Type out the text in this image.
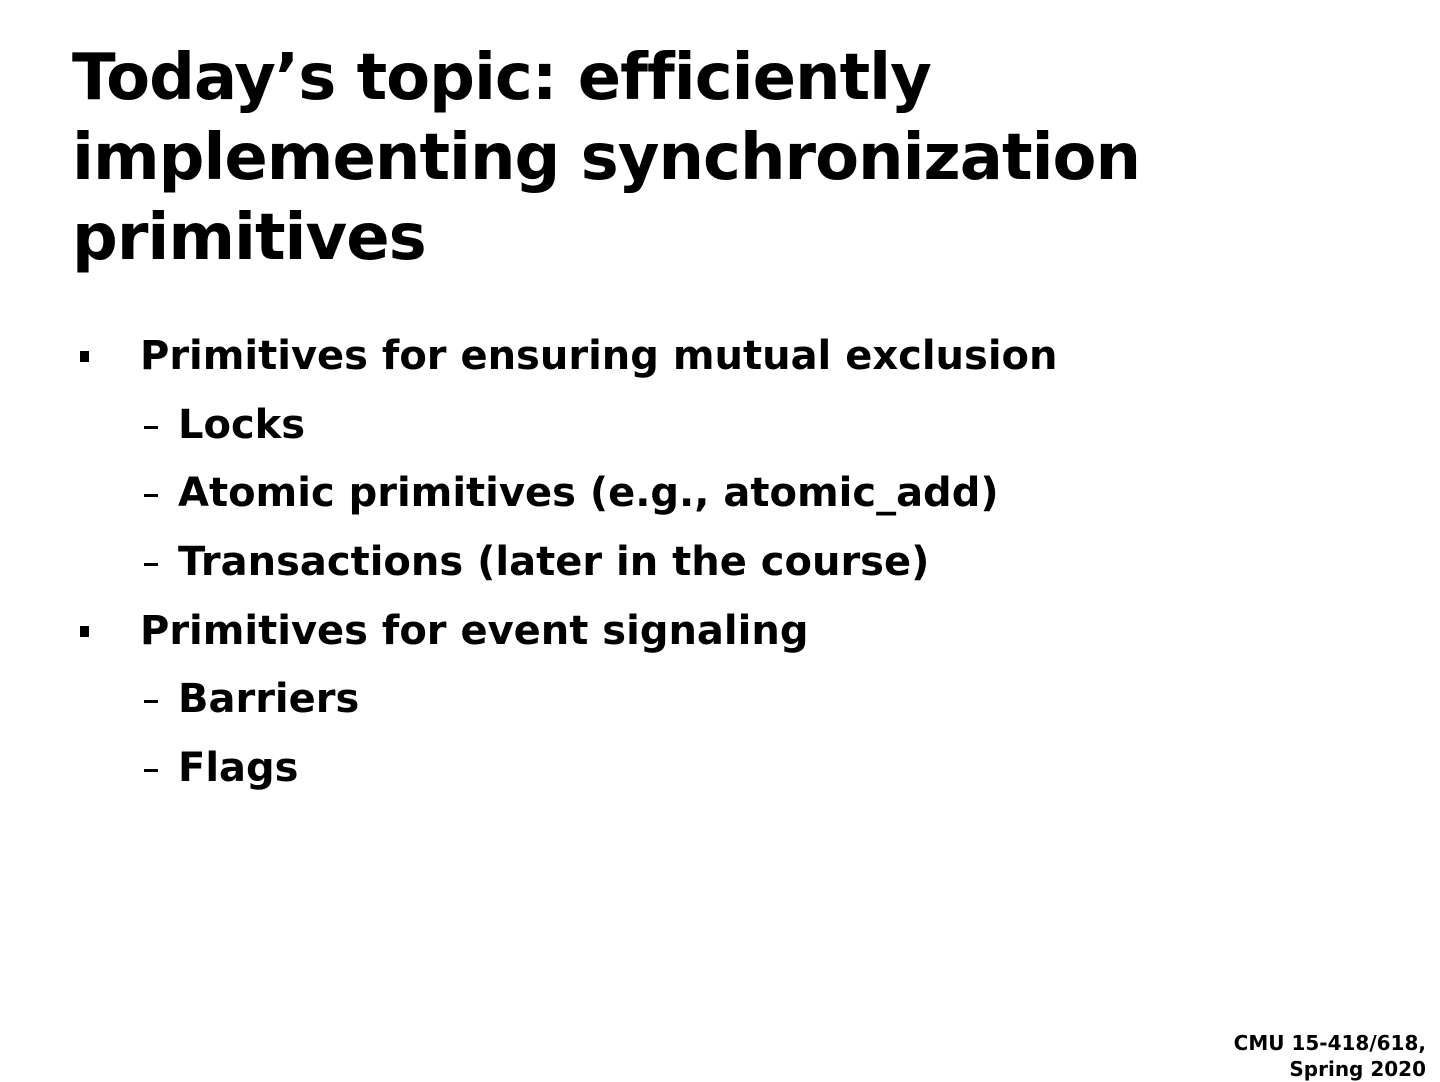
Today’s topic: efficiently
implementing synchronization
primitives
Primitives for ensuring mutual exclusion
Locks
Atomic primitives (e.g., atomic_add)
Transactions (later in the course)
Primitives for event signaling
Barriers
Flags
CMU 15-418/618,
Spring 2020
